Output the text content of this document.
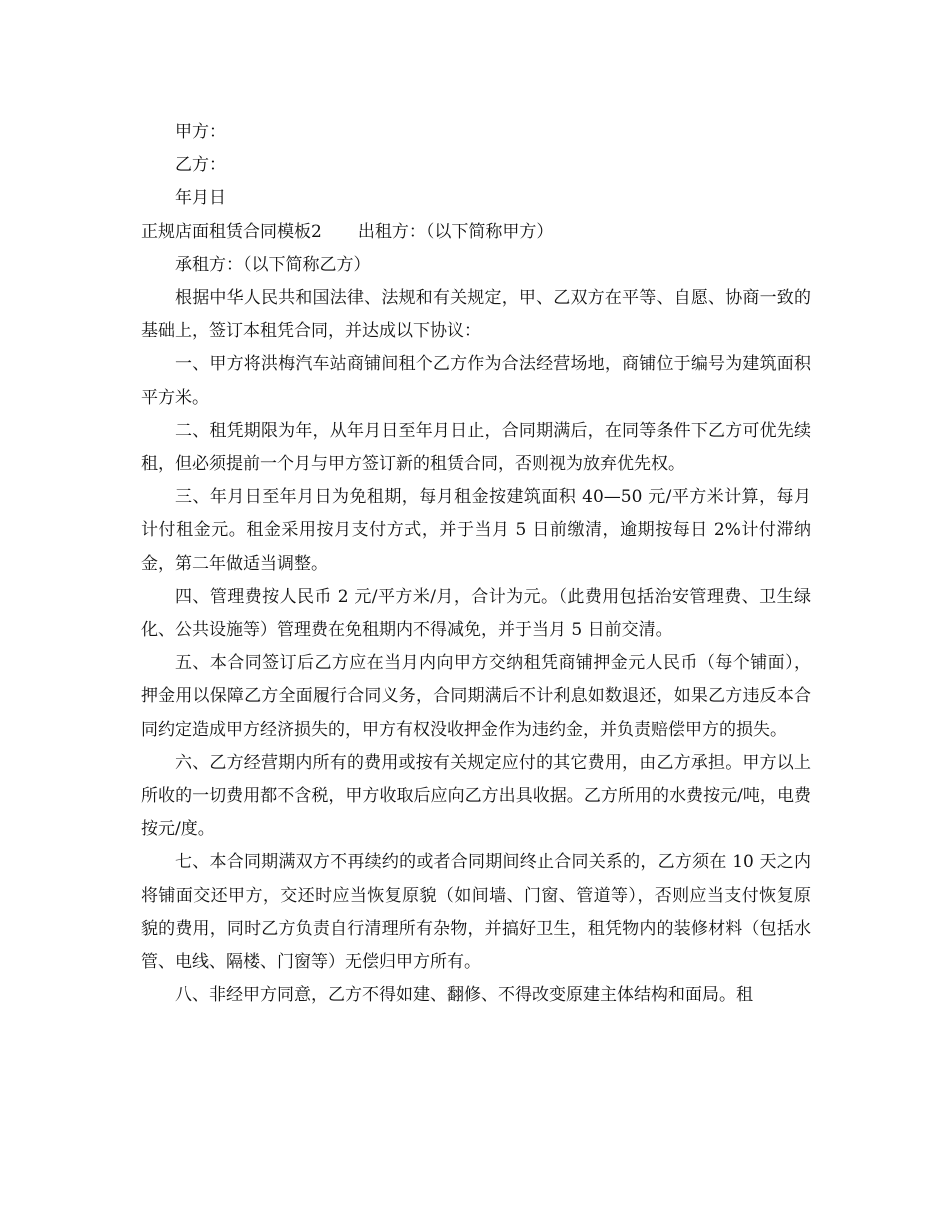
甲方：
乙方：
年月日
正规店面租赁合同模板2 出租方：（以下简称甲方）
承租方：（以下简称乙方）

根据中华人民共和国法律、法规和有关规定，甲、乙双方在平等、自愿、协商一致的基础上，签订本租凭合同，并达成以下协议：

一、甲方将洪梅汽车站商铺间租个乙方作为合法经营场地，商铺位于编号为建筑面积平方米。

二、租凭期限为年，从年月日至年月日止，合同期满后，在同等条件下乙方可优先续租，但必须提前一个月与甲方签订新的租赁合同，否则视为放弃优先权。

三、年月日至年月日为免租期，每月租金按建筑面积 40—50 元/平方米计算，每月计付租金元。租金采用按月支付方式，并于当月 5 日前缴清，逾期按每日 2%计付滞纳金，第二年做适当调整。

四、管理费按人民币 2 元/平方米/月，合计为元。（此费用包括治安管理费、卫生绿化、公共设施等）管理费在免租期内不得减免，并于当月 5 日前交清。

五、本合同签订后乙方应在当月内向甲方交纳租凭商铺押金元人民币（每个铺面），押金用以保障乙方全面履行合同义务，合同期满后不计利息如数退还，如果乙方违反本合同约定造成甲方经济损失的，甲方有权没收押金作为违约金，并负责赔偿甲方的损失。

六、乙方经营期内所有的费用或按有关规定应付的其它费用，由乙方承担。甲方以上所收的一切费用都不含税，甲方收取后应向乙方出具收据。乙方所用的水费按元/吨，电费按元/度。

七、本合同期满双方不再续约的或者合同期间终止合同关系的，乙方须在 10 天之内将铺面交还甲方，交还时应当恢复原貌（如间墙、门窗、管道等），否则应当支付恢复原貌的费用，同时乙方负责自行清理所有杂物，并搞好卫生，租凭物内的装修材料（包括水管、电线、隔楼、门窗等）无偿归甲方所有。

八、非经甲方同意，乙方不得如建、翻修、不得改变原建主体结构和面局。租
